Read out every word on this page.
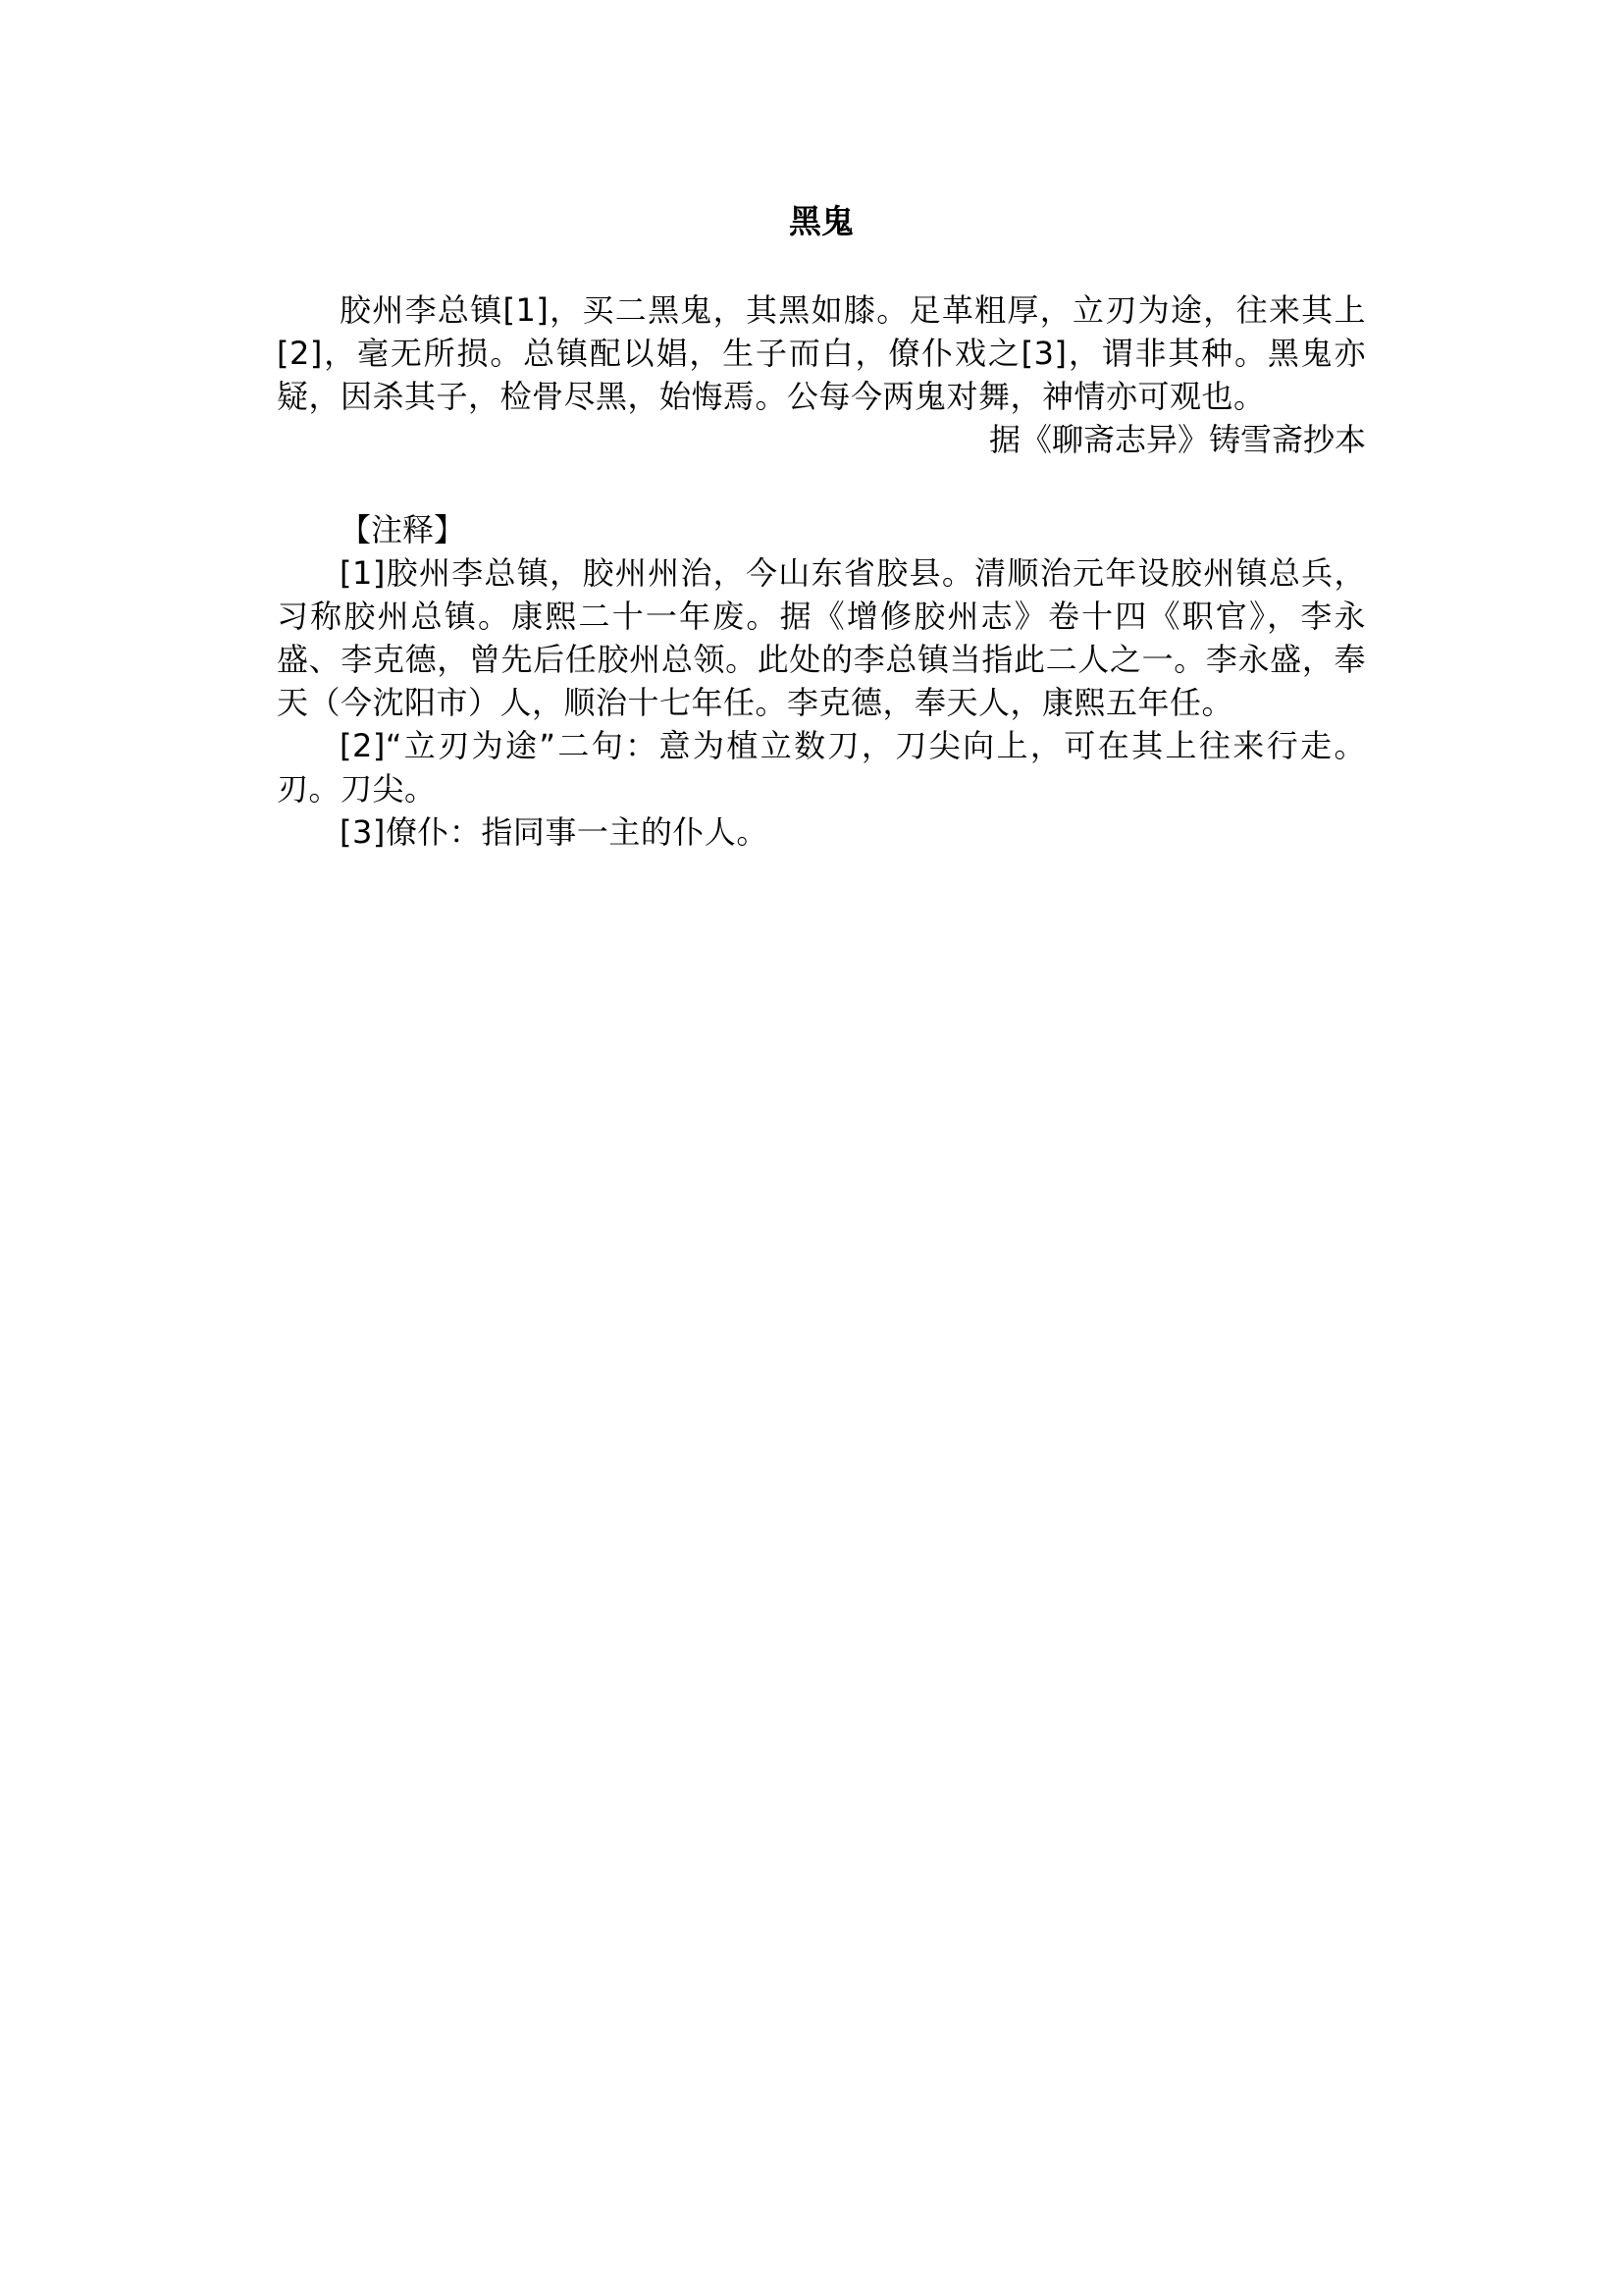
黑鬼

胶州李总镇[1]，买二黑鬼，其黑如膝。足革粗厚，立刃为途，往来其上[2]，毫无所损。总镇配以娼，生子而白，僚仆戏之[3]，谓非其种。黑鬼亦疑，因杀其子，检骨尽黑，始悔焉。公每今两鬼对舞，神情亦可观也。

据《聊斋志异》铸雪斋抄本

【注释】

[1]胶州李总镇，胶州州治，今山东省胶县。清顺治元年设胶州镇总兵，习称胶州总镇。康熙二十一年废。据《增修胶州志》卷十四《职官》，李永盛、李克德，曾先后任胶州总领。此处的李总镇当指此二人之一。李永盛，奉天（今沈阳市）人，顺治十七年任。李克德，奉天人，康熙五年任。

[2]“立刃为途”二句：意为植立数刀，刀尖向上，可在其上往来行走。刃。刀尖。

[3]僚仆：指同事一主的仆人。
